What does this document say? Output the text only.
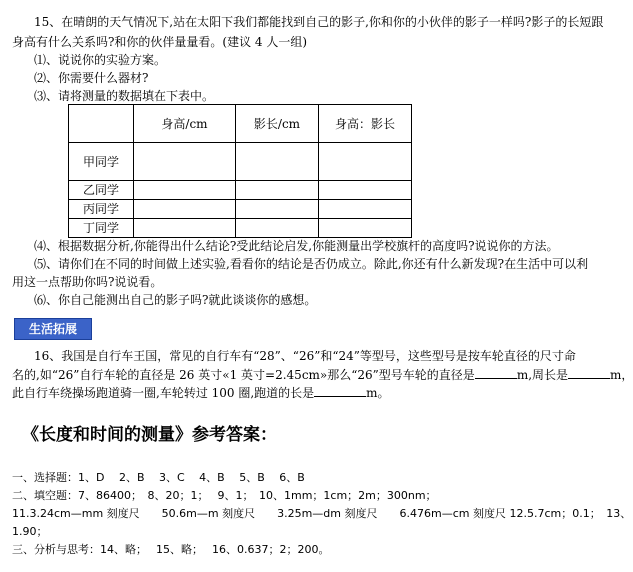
15、在晴朗的天气情况下,站在太阳下我们都能找到自己的影子,你和你的小伙伴的影子一样吗?影子的长短跟
身高有什么关系吗?和你的伙伴量量看。(建议 4 人一组)
⑴、说说你的实验方案。
⑵、你需要什么器材?
⑶、请将测量的数据填在下表中。
	身高/cm	影长/cm	身高：影长
甲同学			
乙同学			
丙同学			
丁同学			
⑷、根据数据分析,你能得出什么结论?受此结论启发,你能测量出学校旗杆的高度吗?说说你的方法。
⑸、请你们在不同的时间做上述实验,看看你的结论是否仍成立。除此,你还有什么新发现?在生活中可以利
用这一点帮助你吗?说说看。
⑹、你自己能测出自己的影子吗?就此谈谈你的感想。
生活拓展
16、我国是自行车王国，常见的自行车有“28”、“26”和“24”等型号，这些型号是按车轮直径的尺寸命
名的,如“26”自行车轮的直径是 26 英寸«1 英寸=2.45cm»那么“26”型号车轮的直径是	m,周长是	m，
此自行车绕操场跑道骑一圈,车轮转过 100 圈,跑道的长是	m。
《长度和时间的测量》参考答案：
一、选择题：1、D　 2、B　 3、C　 4、B　 5、B　 6、B
二、填空题：7、86400；　8、20；1；　 9、1；　10、1mm；1cm；2m；300nm；
11.3.24cm—mm 刻度尺　　50.6m—m 刻度尺　　3.25m—dm 刻度尺　　6.476m—cm 刻度尺 12.5.7cm；0.1；　13、
1.90；
三、分析与思考：14、略；　 15、略；　 16、0.637；2；200。
